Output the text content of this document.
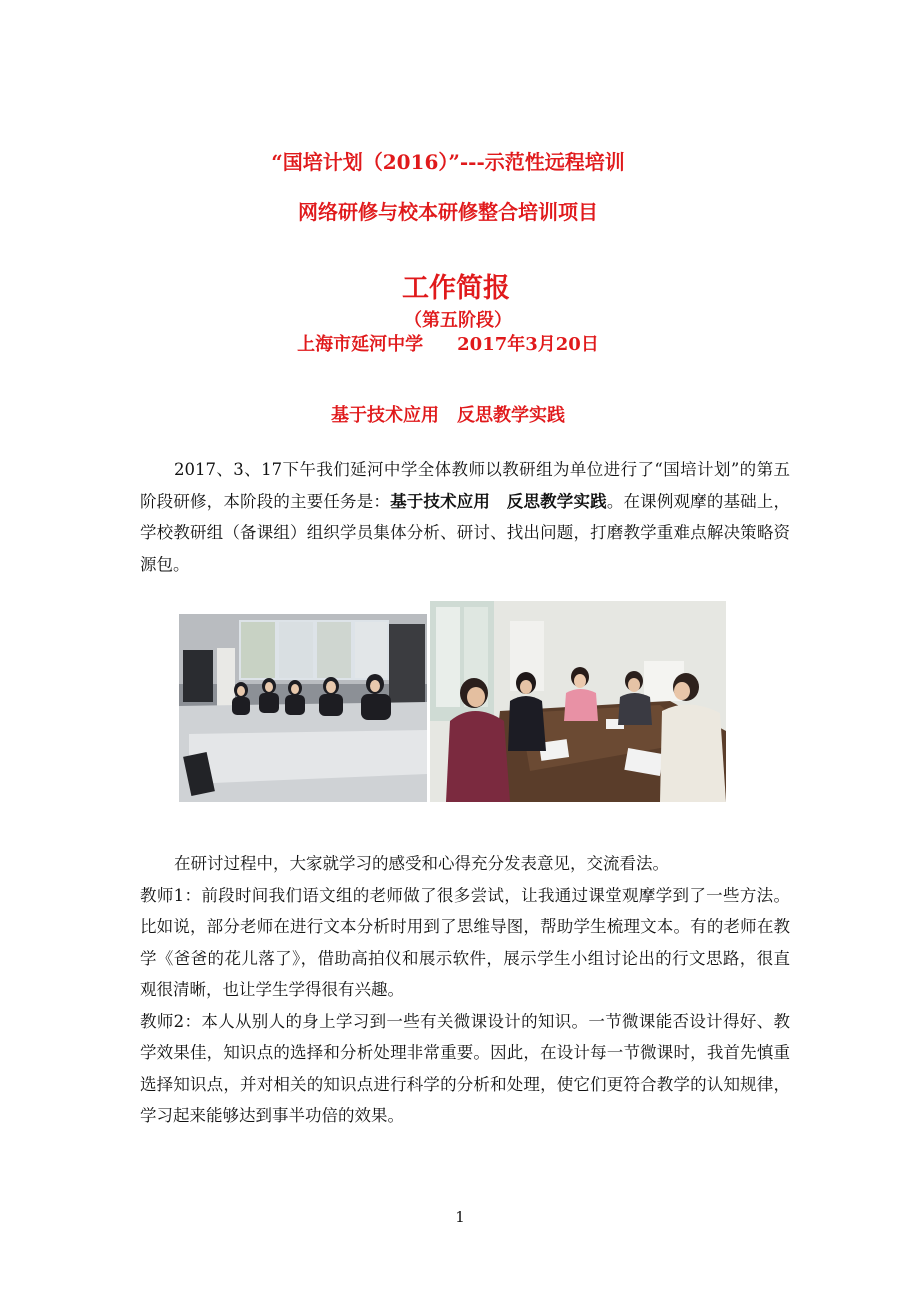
“国培计划（2016）”---示范性远程培训
网络研修与校本研修整合培训项目
工作简报
（第五阶段）
上海市延河中学 2017年3月20日
基于技术应用 反思教学实践
2017、3、17下午我们延河中学全体教师以教研组为单位进行了“国培计划”的第五阶段研修，本阶段的主要任务是：基于技术应用　反思教学实践。在课例观摩的基础上，学校教研组（备课组）组织学员集体分析、研讨、找出问题，打磨教学重难点解决策略资源包。
在研讨过程中，大家就学习的感受和心得充分发表意见，交流看法。
教师1：前段时间我们语文组的老师做了很多尝试，让我通过课堂观摩学到了一些方法。比如说，部分老师在进行文本分析时用到了思维导图，帮助学生梳理文本。有的老师在教学《爸爸的花儿落了》，借助高拍仪和展示软件，展示学生小组讨论出的行文思路，很直观很清晰，也让学生学得很有兴趣。
教师2：本人从别人的身上学习到一些有关微课设计的知识。一节微课能否设计得好、教学效果佳，知识点的选择和分析处理非常重要。因此，在设计每一节微课时，我首先慎重选择知识点，并对相关的知识点进行科学的分析和处理，使它们更符合教学的认知规律，学习起来能够达到事半功倍的效果。
1
